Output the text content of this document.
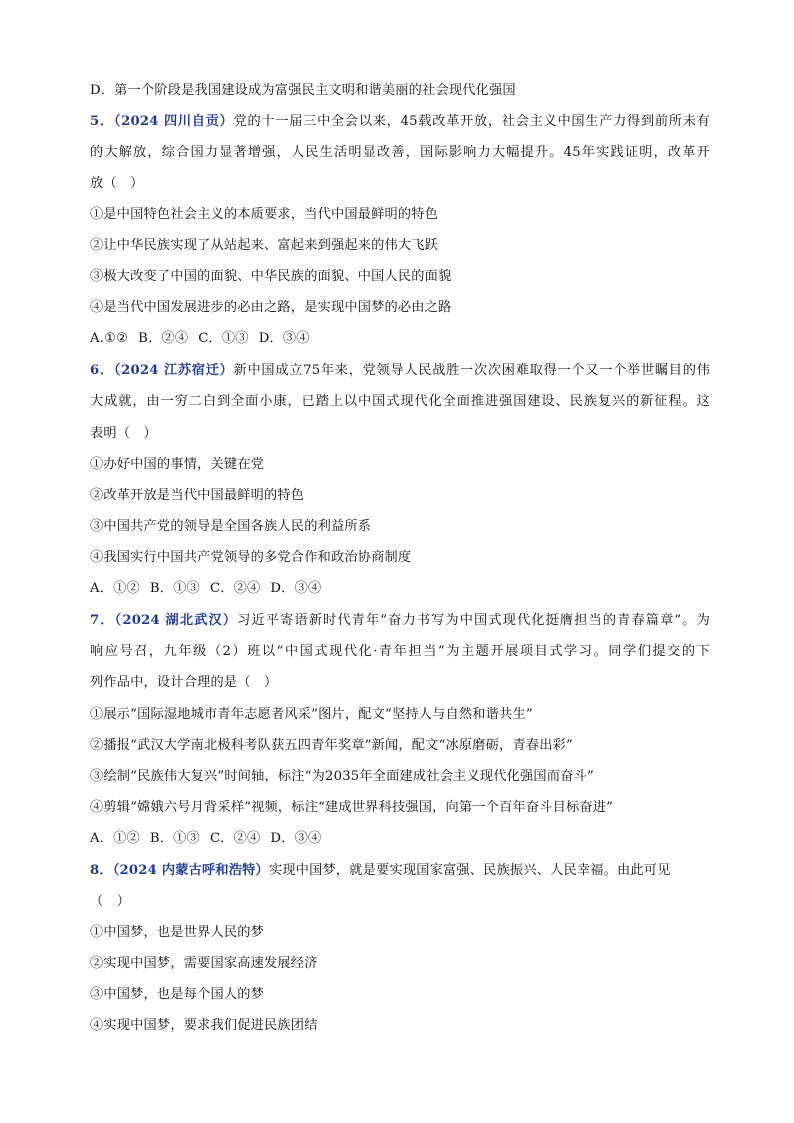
D．第一个阶段是我国建设成为富强民主文明和谐美丽的社会现代化强国
5．（2024 四川自贡）党的十一届三中全会以来，45载改革开放，社会主义中国生产力得到前所未有
的大解放，综合国力显著增强，人民生活明显改善，国际影响力大幅提升。45年实践证明，改革开
放（　）
①是中国特色社会主义的本质要求，当代中国最鲜明的特色
②让中华民族实现了从站起来、富起来到强起来的伟大飞跃
③极大改变了中国的面貌、中华民族的面貌、中国人民的面貌
④是当代中国发展进步的必由之路，是实现中国梦的必由之路
A.①② B．②④ C．①③ D．③④
6．（2024 江苏宿迁）新中国成立75年来，党领导人民战胜一次次困难取得一个又一个举世瞩目的伟
大成就，由一穷二白到全面小康，已踏上以中国式现代化全面推进强国建设、民族复兴的新征程。这
表明（　）
①办好中国的事情，关键在党
②改革开放是当代中国最鲜明的特色
③中国共产党的领导是全国各族人民的利益所系
④我国实行中国共产党领导的多党合作和政治协商制度
A．①② B．①③ C．②④ D．③④
7．（2024 湖北武汉）习近平寄语新时代青年“奋力书写为中国式现代化挺膺担当的青春篇章”。为
响应号召，九年级（2）班以“中国式现代化·青年担当”为主题开展项目式学习。同学们提交的下
列作品中，设计合理的是（　）
①展示“国际湿地城市青年志愿者风采”图片，配文“坚持人与自然和谐共生”
②播报“武汉大学南北极科考队获五四青年奖章”新闻，配文“冰原磨砺，青春出彩”
③绘制“民族伟大复兴”时间轴，标注“为2035年全面建成社会主义现代化强国而奋斗”
④剪辑“嫦娥六号月背采样”视频，标注“建成世界科技强国，向第一个百年奋斗目标奋进”
A．①② B．①③ C．②④ D．③④
8．（2024 内蒙古呼和浩特）实现中国梦，就是要实现国家富强、民族振兴、人民幸福。由此可见
（　）
①中国梦，也是世界人民的梦
②实现中国梦，需要国家高速发展经济
③中国梦，也是每个国人的梦
④实现中国梦，要求我们促进民族团结
